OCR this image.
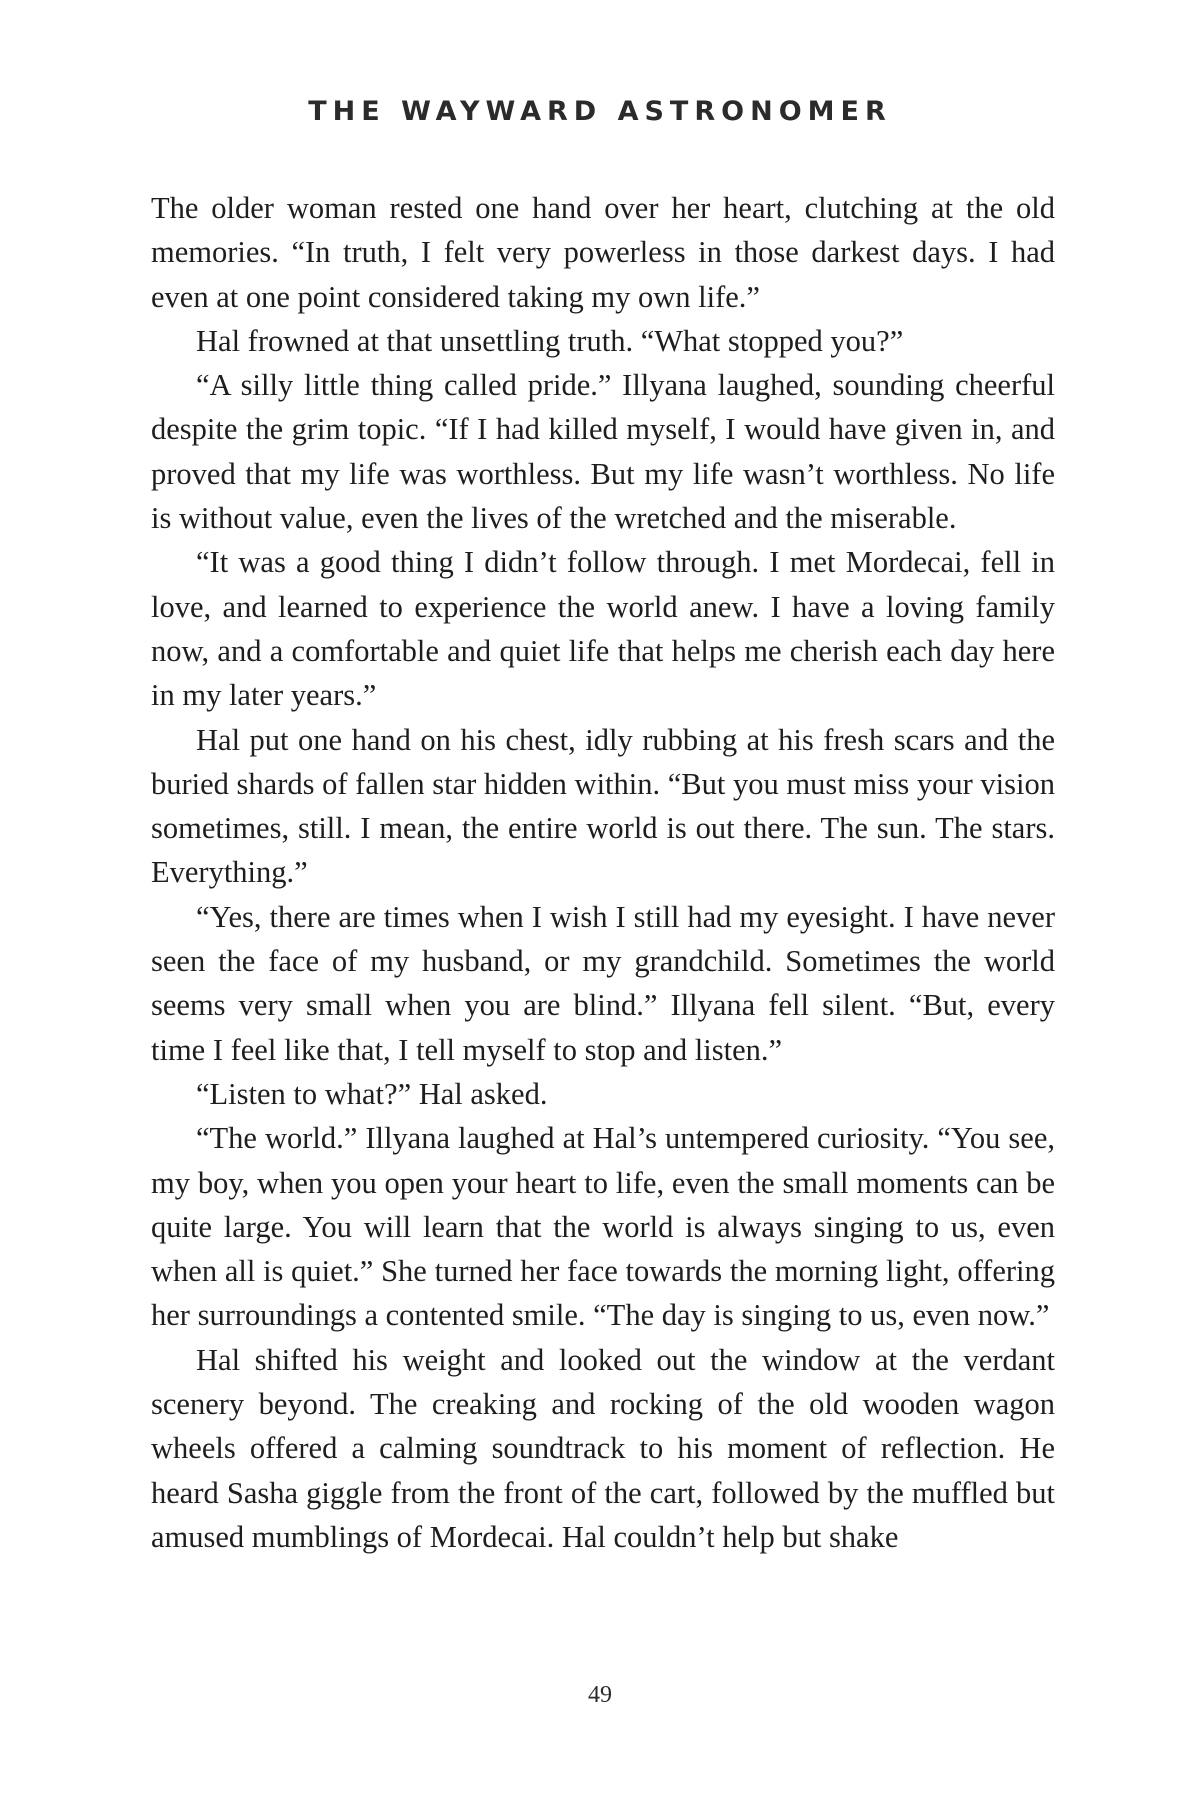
THE WAYWARD ASTRONOMER

The older woman rested one hand over her heart, clutching at the old memories. “In truth, I felt very powerless in those darkest days. I had even at one point considered taking my own life.”

Hal frowned at that unsettling truth. “What stopped you?”

“A silly little thing called pride.” Illyana laughed, sounding cheerful despite the grim topic. “If I had killed myself, I would have given in, and proved that my life was worthless. But my life wasn’t worthless. No life is without value, even the lives of the wretched and the miserable.

“It was a good thing I didn’t follow through. I met Mordecai, fell in love, and learned to experience the world anew. I have a loving family now, and a comfortable and quiet life that helps me cherish each day here in my later years.”

Hal put one hand on his chest, idly rubbing at his fresh scars and the buried shards of fallen star hidden within. “But you must miss your vision sometimes, still. I mean, the entire world is out there. The sun. The stars. Everything.”

“Yes, there are times when I wish I still had my eyesight. I have never seen the face of my husband, or my grandchild. Sometimes the world seems very small when you are blind.” Illyana fell silent. “But, every time I feel like that, I tell myself to stop and listen.”

“Listen to what?” Hal asked.

“The world.” Illyana laughed at Hal’s untempered curiosity. “You see, my boy, when you open your heart to life, even the small moments can be quite large. You will learn that the world is always singing to us, even when all is quiet.” She turned her face towards the morning light, offering her surroundings a contented smile. “The day is singing to us, even now.”

Hal shifted his weight and looked out the window at the verdant scenery beyond. The creaking and rocking of the old wooden wagon wheels offered a calming soundtrack to his moment of reflection. He heard Sasha giggle from the front of the cart, followed by the muffled but amused mumblings of Mordecai. Hal couldn’t help but shake

49
